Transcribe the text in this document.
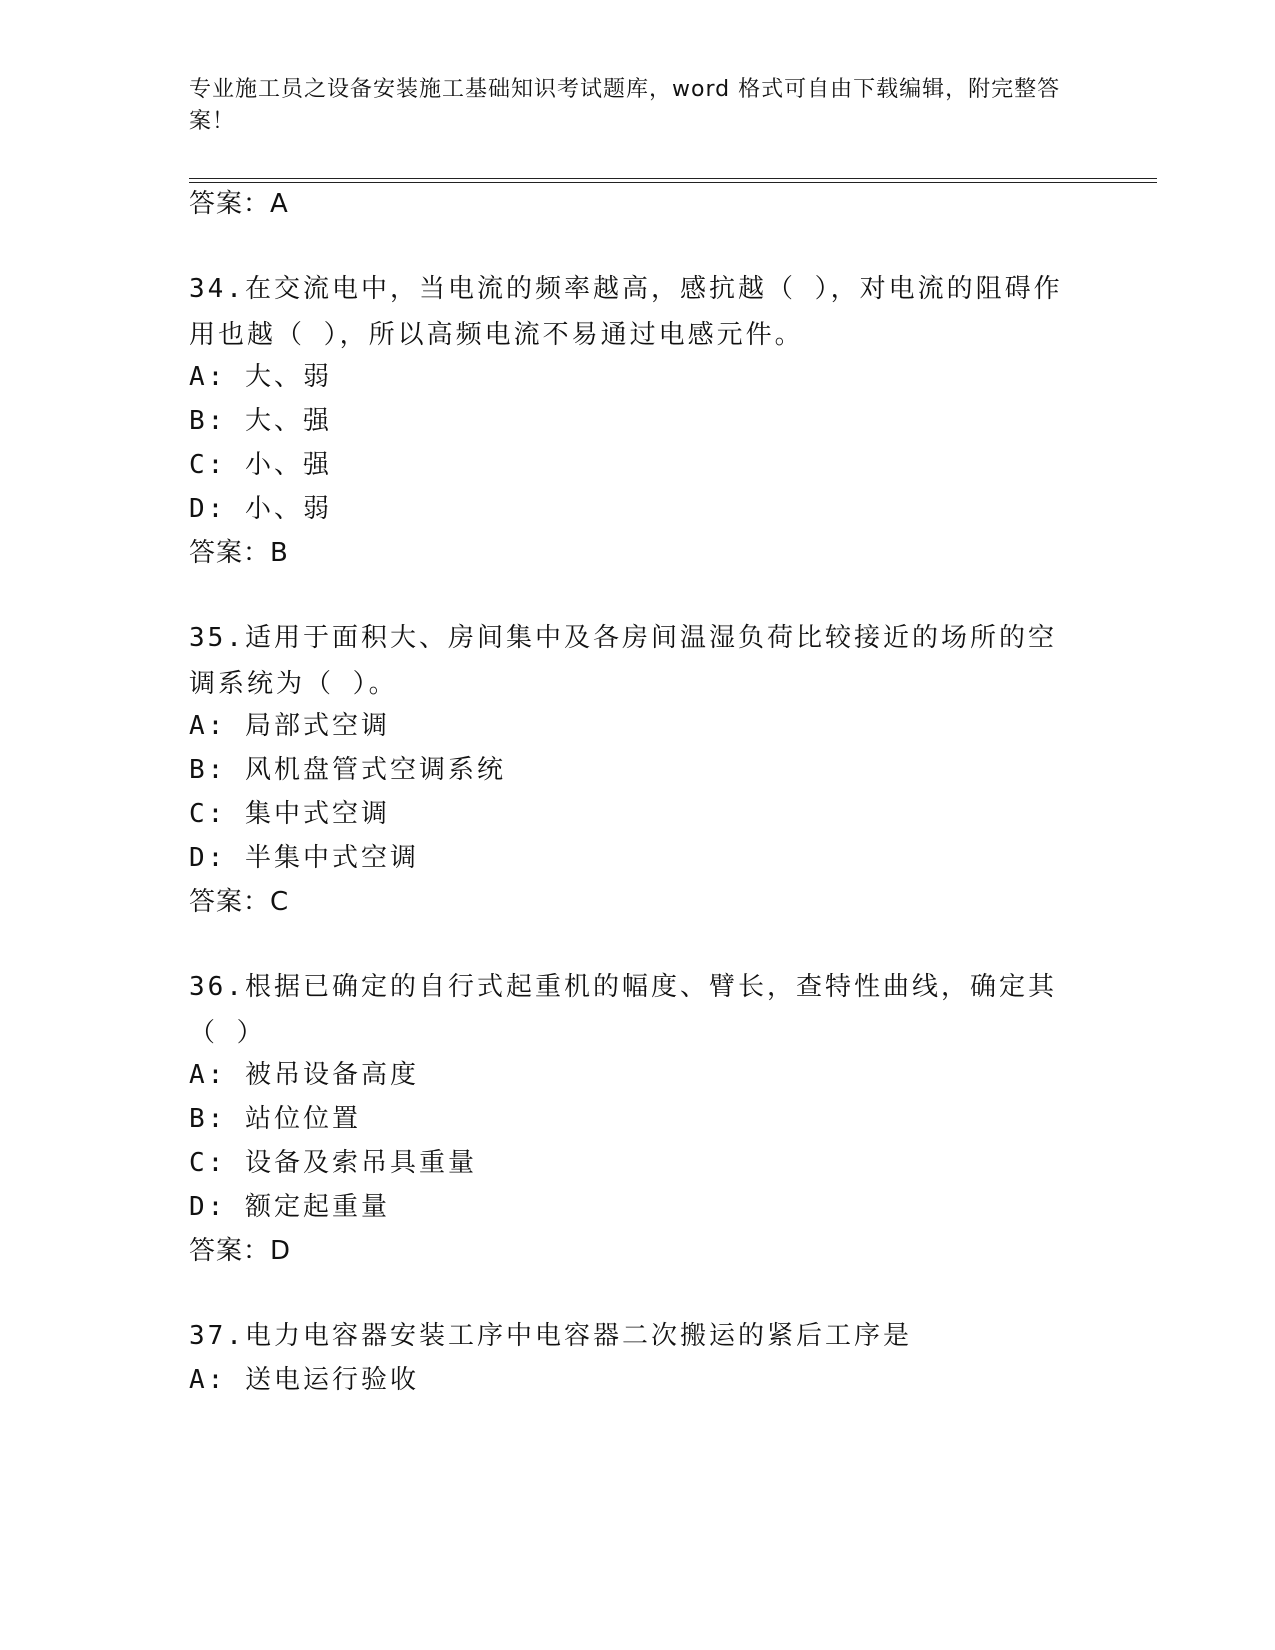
专业施工员之设备安装施工基础知识考试题库，word 格式可自由下载编辑，附完整答案！
答案：A
34.在交流电中，当电流的频率越高，感抗越（ ），对电流的阻碍作用也越（ ），所以高频电流不易通过电感元件。
A: 大、弱
B: 大、强
C: 小、强
D: 小、弱
答案：B
35.适用于面积大、房间集中及各房间温湿负荷比较接近的场所的空调系统为（ ）。
A: 局部式空调
B: 风机盘管式空调系统
C: 集中式空调
D: 半集中式空调
答案：C
36.根据已确定的自行式起重机的幅度、臂长，查特性曲线，确定其（ ）
A: 被吊设备高度
B: 站位位置
C: 设备及索吊具重量
D: 额定起重量
答案：D
37.电力电容器安装工序中电容器二次搬运的紧后工序是
A: 送电运行验收
